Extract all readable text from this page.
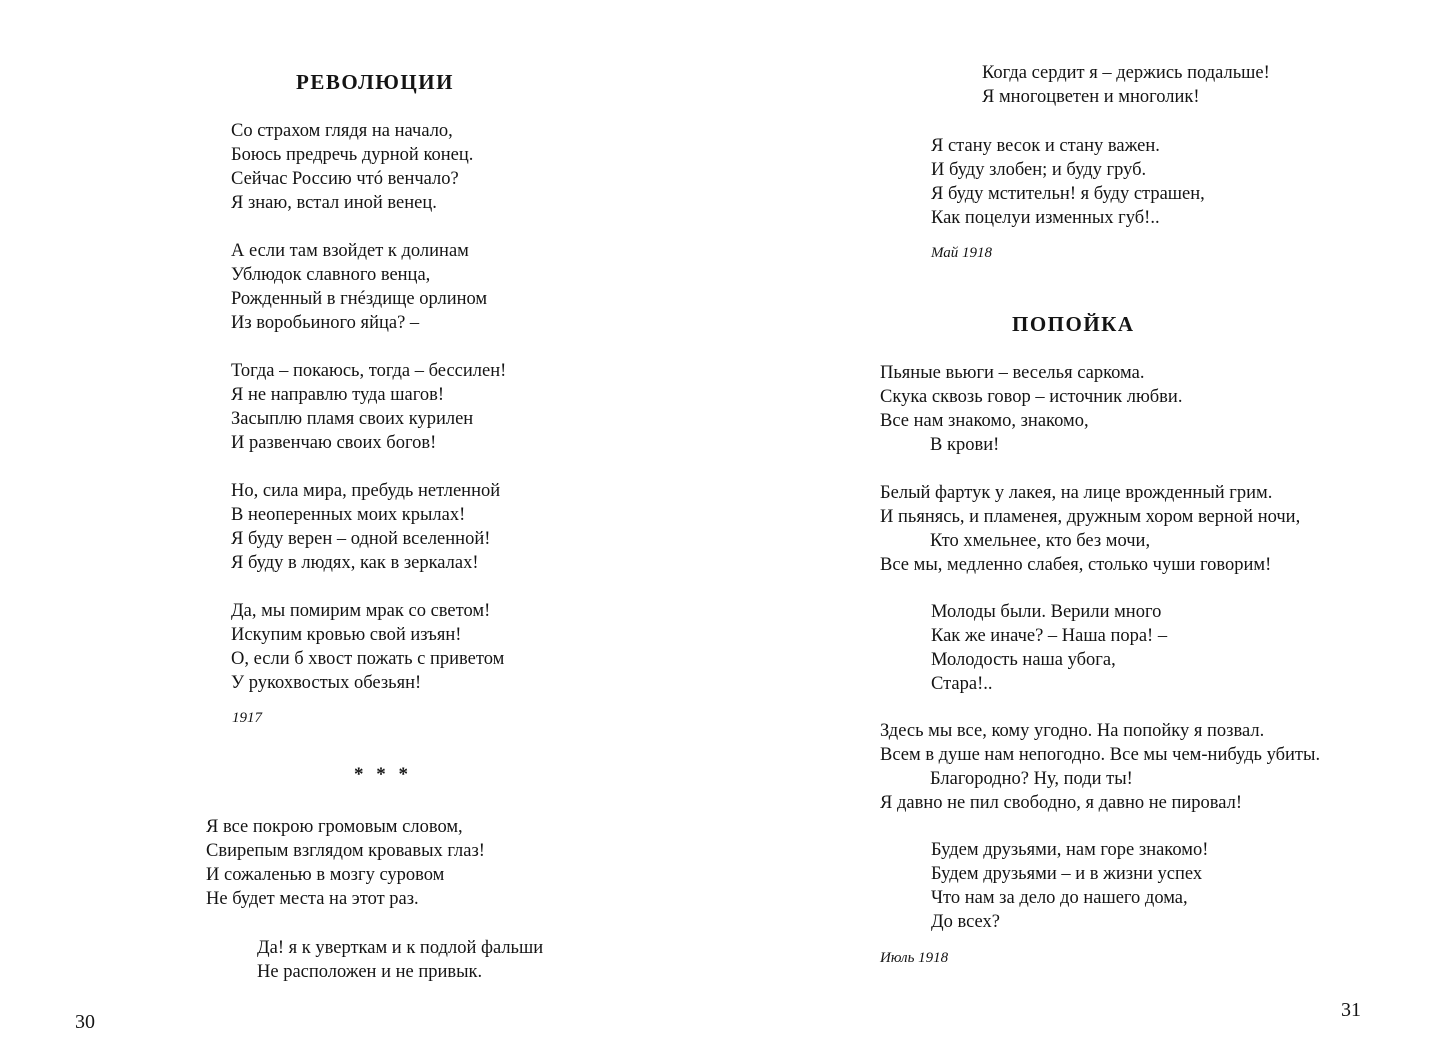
РЕВОЛЮЦИИ
Со страхом глядя на начало,
Боюсь предречь дурной конец.
Сейчас Россию чтó венчало?
Я знаю, встал иной венец.
А если там взойдет к долинам
Ублюдок славного венца,
Рожденный в гнéздище орлином
Из воробьиного яйца? –
Тогда – покаюсь, тогда – бессилен!
Я не направлю туда шагов!
Засыплю пламя своих курилен
И развенчаю своих богов!
Но, сила мира, пребудь нетленной
В неоперенных моих крылах!
Я буду верен – одной вселенной!
Я буду в людях, как в зеркалах!
Да, мы помирим мрак со светом!
Искупим кровью свой изъян!
О, если б хвост пожать с приветом
У рукохвостых обезьян!
1917
* * *
Я все покрою громовым словом,
Свирепым взглядом кровавых глаз!
И сожаленью в мозгу суровом
Не будет места на этот раз.
Да! я к уверткам и к подлой фальши
Не расположен и не привык.
30
Когда сердит я – держись подальше!
Я многоцветен и многолик!
Я стану весок и стану важен.
И буду злобен; и буду груб.
Я буду мстительн! я буду страшен,
Как поцелуи изменных губ!..
Май 1918
ПОПОЙКА
Пьяные вьюги – веселья саркома.
Скука сквозь говор – источник любви.
Все нам знакомо, знакомо,
В крови!
Белый фартук у лакея, на лице врожденный грим.
И пьянясь, и пламенея, дружным хором верной ночи,
Кто хмельнее, кто без мочи,
Все мы, медленно слабея, столько чуши говорим!
Молоды были. Верили много
Как же иначе? – Наша пора! –
Молодость наша убога,
Стара!..
Здесь мы все, кому угодно. На попойку я позвал.
Всем в душе нам непогодно. Все мы чем-нибудь убиты.
Благородно? Ну, поди ты!
Я давно не пил свободно, я давно не пировал!
Будем друзьями, нам горе знакомо!
Будем друзьями – и в жизни успех
Что нам за дело до нашего дома,
До всех?
Июль 1918
31
